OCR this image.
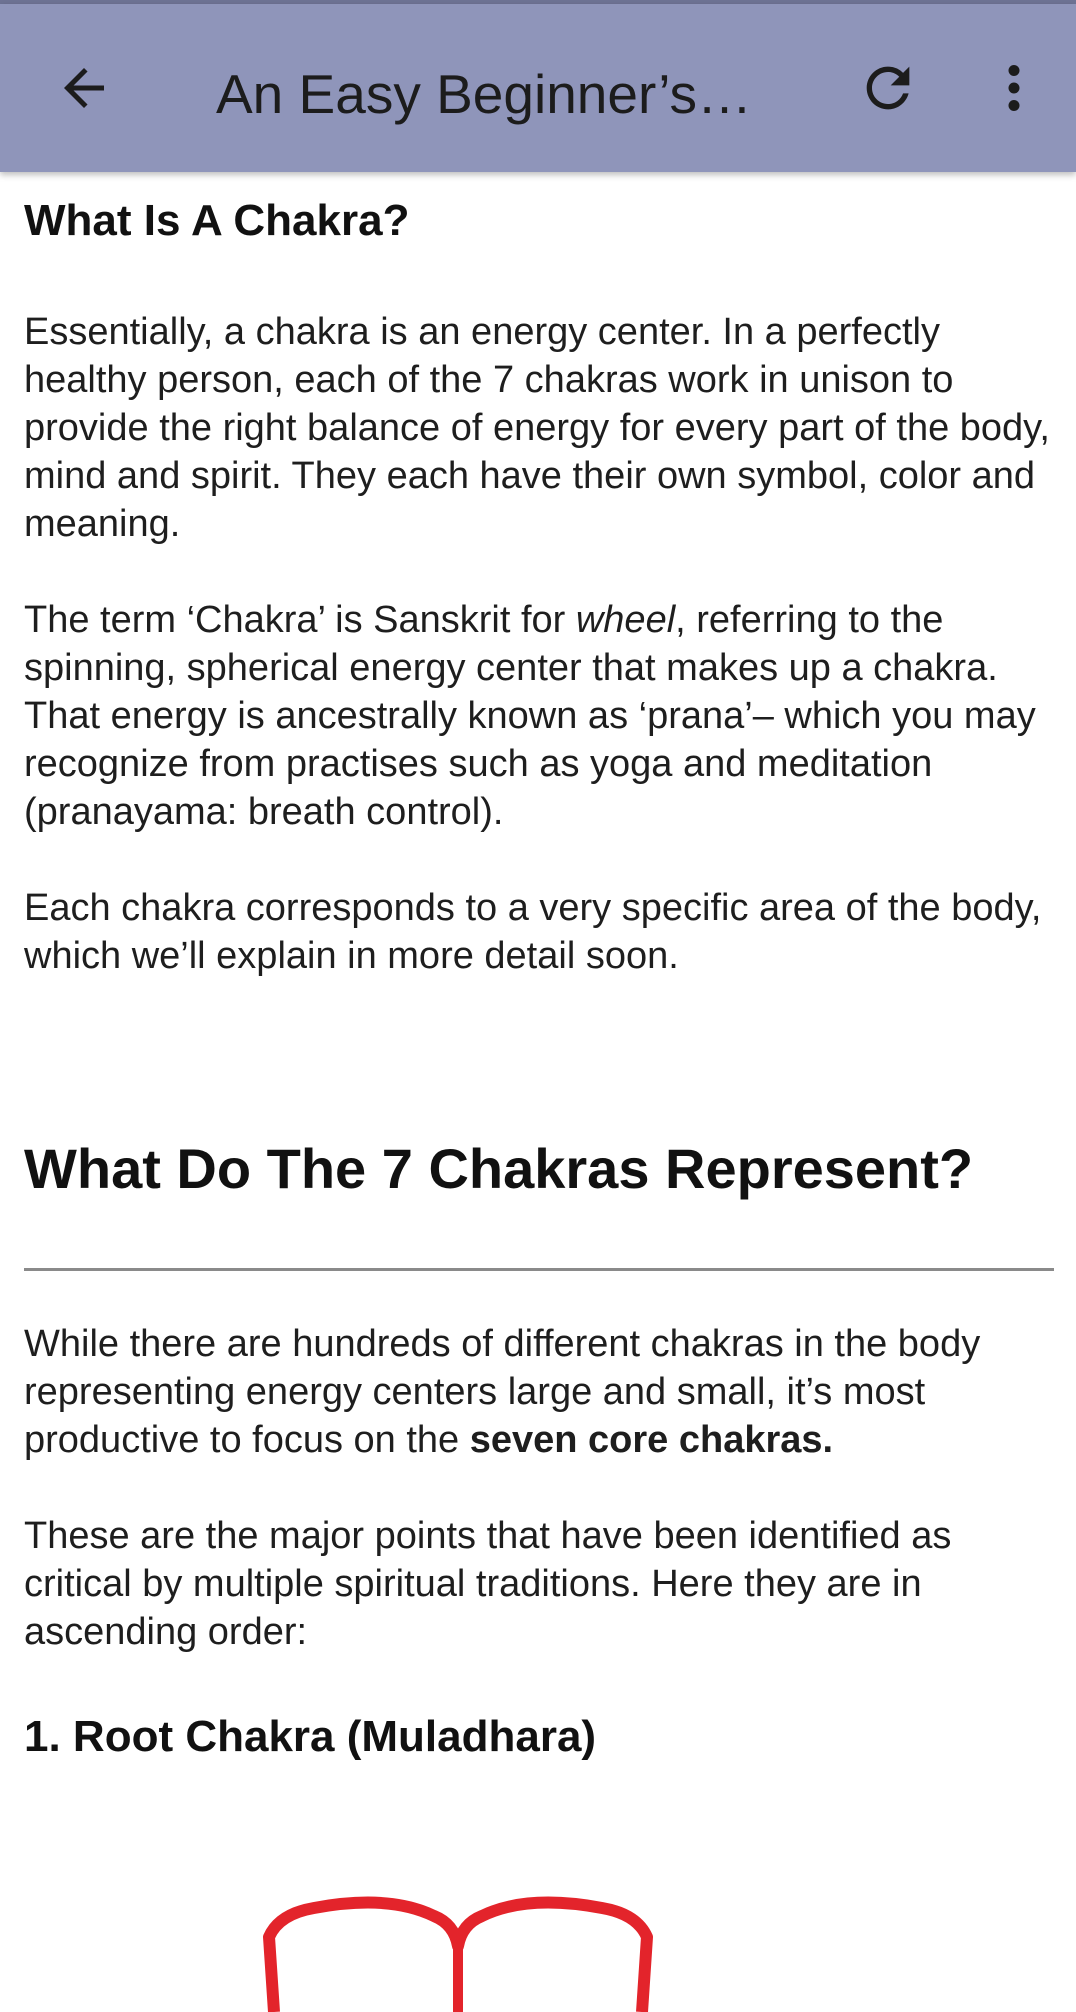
An Easy Beginner’s…
What Is A Chakra?

Essentially, a chakra is an energy center. In a perfectly healthy person, each of the 7 chakras work in unison to provide the right balance of energy for every part of the body, mind and spirit. They each have their own symbol, color and meaning.

The term ‘Chakra’ is Sanskrit for wheel, referring to the spinning, spherical energy center that makes up a chakra. That energy is ancestrally known as ‘prana’– which you may recognize from practises such as yoga and meditation (pranayama: breath control).

Each chakra corresponds to a very specific area of the body, which we’ll explain in more detail soon.

What Do The 7 Chakras Represent?

While there are hundreds of different chakras in the body representing energy centers large and small, it’s most productive to focus on the seven core chakras.

These are the major points that have been identified as critical by multiple spiritual traditions. Here they are in ascending order:

1. Root Chakra (Muladhara)
